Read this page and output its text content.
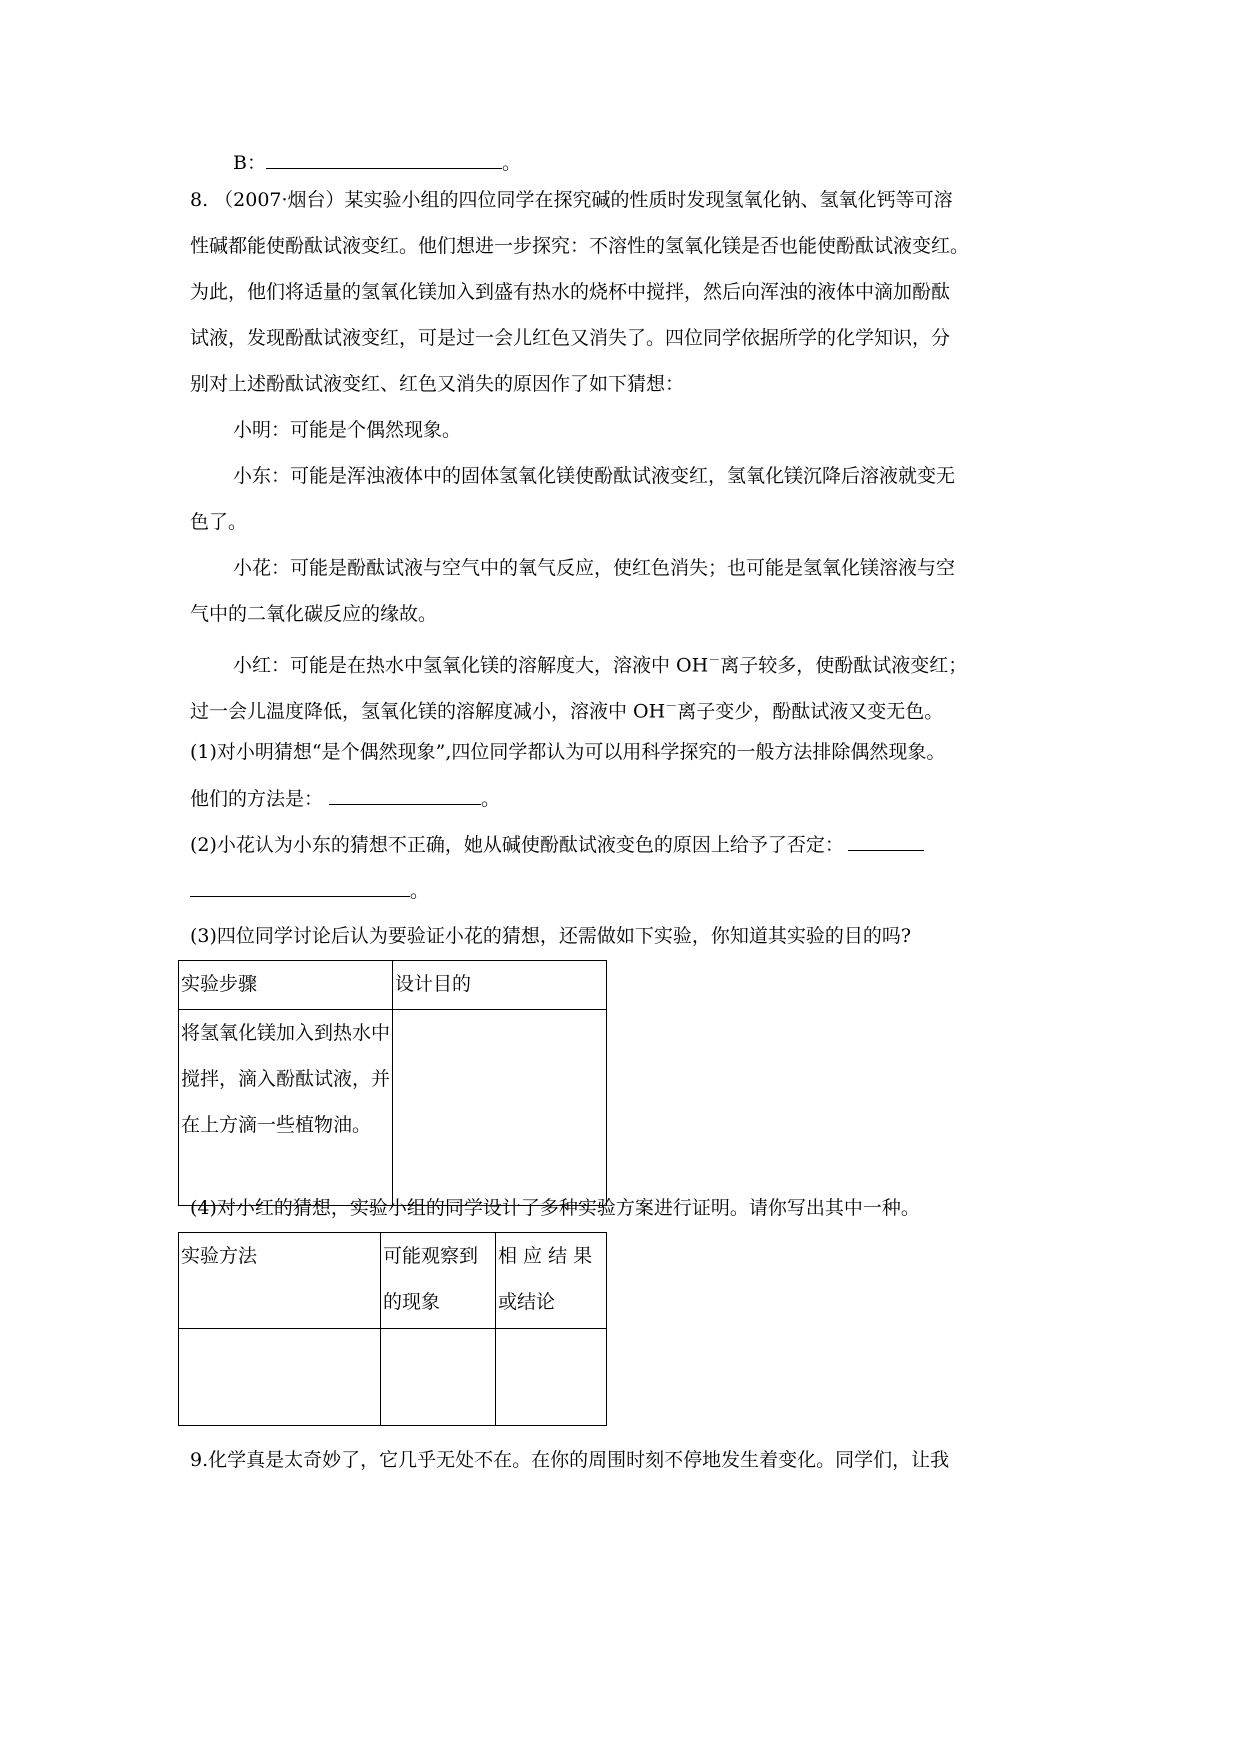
B：	。
8. （2007·烟台）某实验小组的四位同学在探究碱的性质时发现氢氧化钠、氢氧化钙等可溶
性碱都能使酚酞试液变红。他们想进一步探究：不溶性的氢氧化镁是否也能使酚酞试液变红。
为此，他们将适量的氢氧化镁加入到盛有热水的烧杯中搅拌，然后向浑浊的液体中滴加酚酞
试液，发现酚酞试液变红，可是过一会儿红色又消失了。四位同学依据所学的化学知识，分
别对上述酚酞试液变红、红色又消失的原因作了如下猜想：
小明：可能是个偶然现象。
小东：可能是浑浊液体中的固体氢氧化镁使酚酞试液变红，氢氧化镁沉降后溶液就变无
色了。
小花：可能是酚酞试液与空气中的氧气反应，使红色消失；也可能是氢氧化镁溶液与空
气中的二氧化碳反应的缘故。
小红：可能是在热水中氢氧化镁的溶解度大，溶液中 OH－离子较多，使酚酞试液变红；
过一会儿温度降低，氢氧化镁的溶解度减小，溶液中 OH－离子变少，酚酞试液又变无色。
(1)对小明猜想“是个偶然现象”,四位同学都认为可以用科学探究的一般方法排除偶然现象。
他们的方法是：	。
(2)小花认为小东的猜想不正确，她从碱使酚酞试液变色的原因上给予了否定：
。
(3)四位同学讨论后认为要验证小花的猜想，还需做如下实验，你知道其实验的目的吗?
实验步骤	设计目的
将氢氧化镁加入到热水中搅拌，滴入酚酞试液，并在上方滴一些植物油。	
(4)对小红的猜想，实验小组的同学设计了多种实验方案进行证明。请你写出其中一种。
实验方法	可能观察到的现象	相 应 结 果或结论

9.化学真是太奇妙了，它几乎无处不在。在你的周围时刻不停地发生着变化。同学们，让我
